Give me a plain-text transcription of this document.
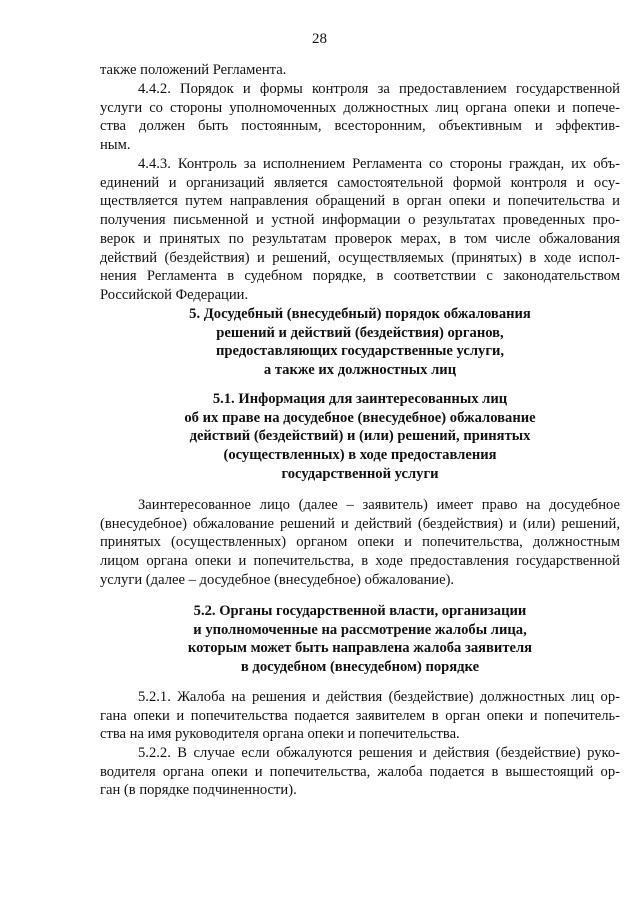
28

также положений Регламента.

4.4.2. Порядок и формы контроля за предоставлением государственной
услуги со стороны уполномоченных должностных лиц органа опеки и попече-
ства должен быть постоянным, всесторонним, объективным и эффектив-
ным.

4.4.3. Контроль за исполнением Регламента со стороны граждан, их объ-
единений и организаций является самостоятельной формой контроля и осу-
ществляется путем направления обращений в орган опеки и попечительства и
получения письменной и устной информации о результатах проведенных про-
верок и принятых по результатам проверок мерах, в том числе обжалования
действий (бездействия) и решений, осуществляемых (принятых) в ходе испол-
нения Регламента в судебном порядке, в соответствии с законодательством
Российской Федерации.

5. Досудебный (внесудебный) порядок обжалования
решений и действий (бездействия) органов,
предоставляющих государственные услуги,
а также их должностных лиц
5.1. Информация для заинтересованных лиц
об их праве на досудебное (внесудебное) обжалование
действий (бездействий) и (или) решений, принятых
(осуществленных) в ходе предоставления
государственной услуги

Заинтересованное лицо (далее – заявитель) имеет право на досудебное
(внесудебное) обжалование решений и действий (бездействия) и (или) решений,
принятых (осуществленных) органом опеки и попечительства, должностным
лицом органа опеки и попечительства, в ходе предоставления государственной
услуги (далее – досудебное (внесудебное) обжалование).

5.2. Органы государственной власти, организации
и уполномоченные на рассмотрение жалобы лица,
которым может быть направлена жалоба заявителя
в досудебном (внесудебном) порядке

5.2.1. Жалоба на решения и действия (бездействие) должностных лиц ор-
гана опеки и попечительства подается заявителем в орган опеки и попечитель-
ства на имя руководителя органа опеки и попечительства.

5.2.2. В случае если обжалуются решения и действия (бездействие) руко-
водителя органа опеки и попечительства, жалоба подается в вышестоящий ор-
ган (в порядке подчиненности).
